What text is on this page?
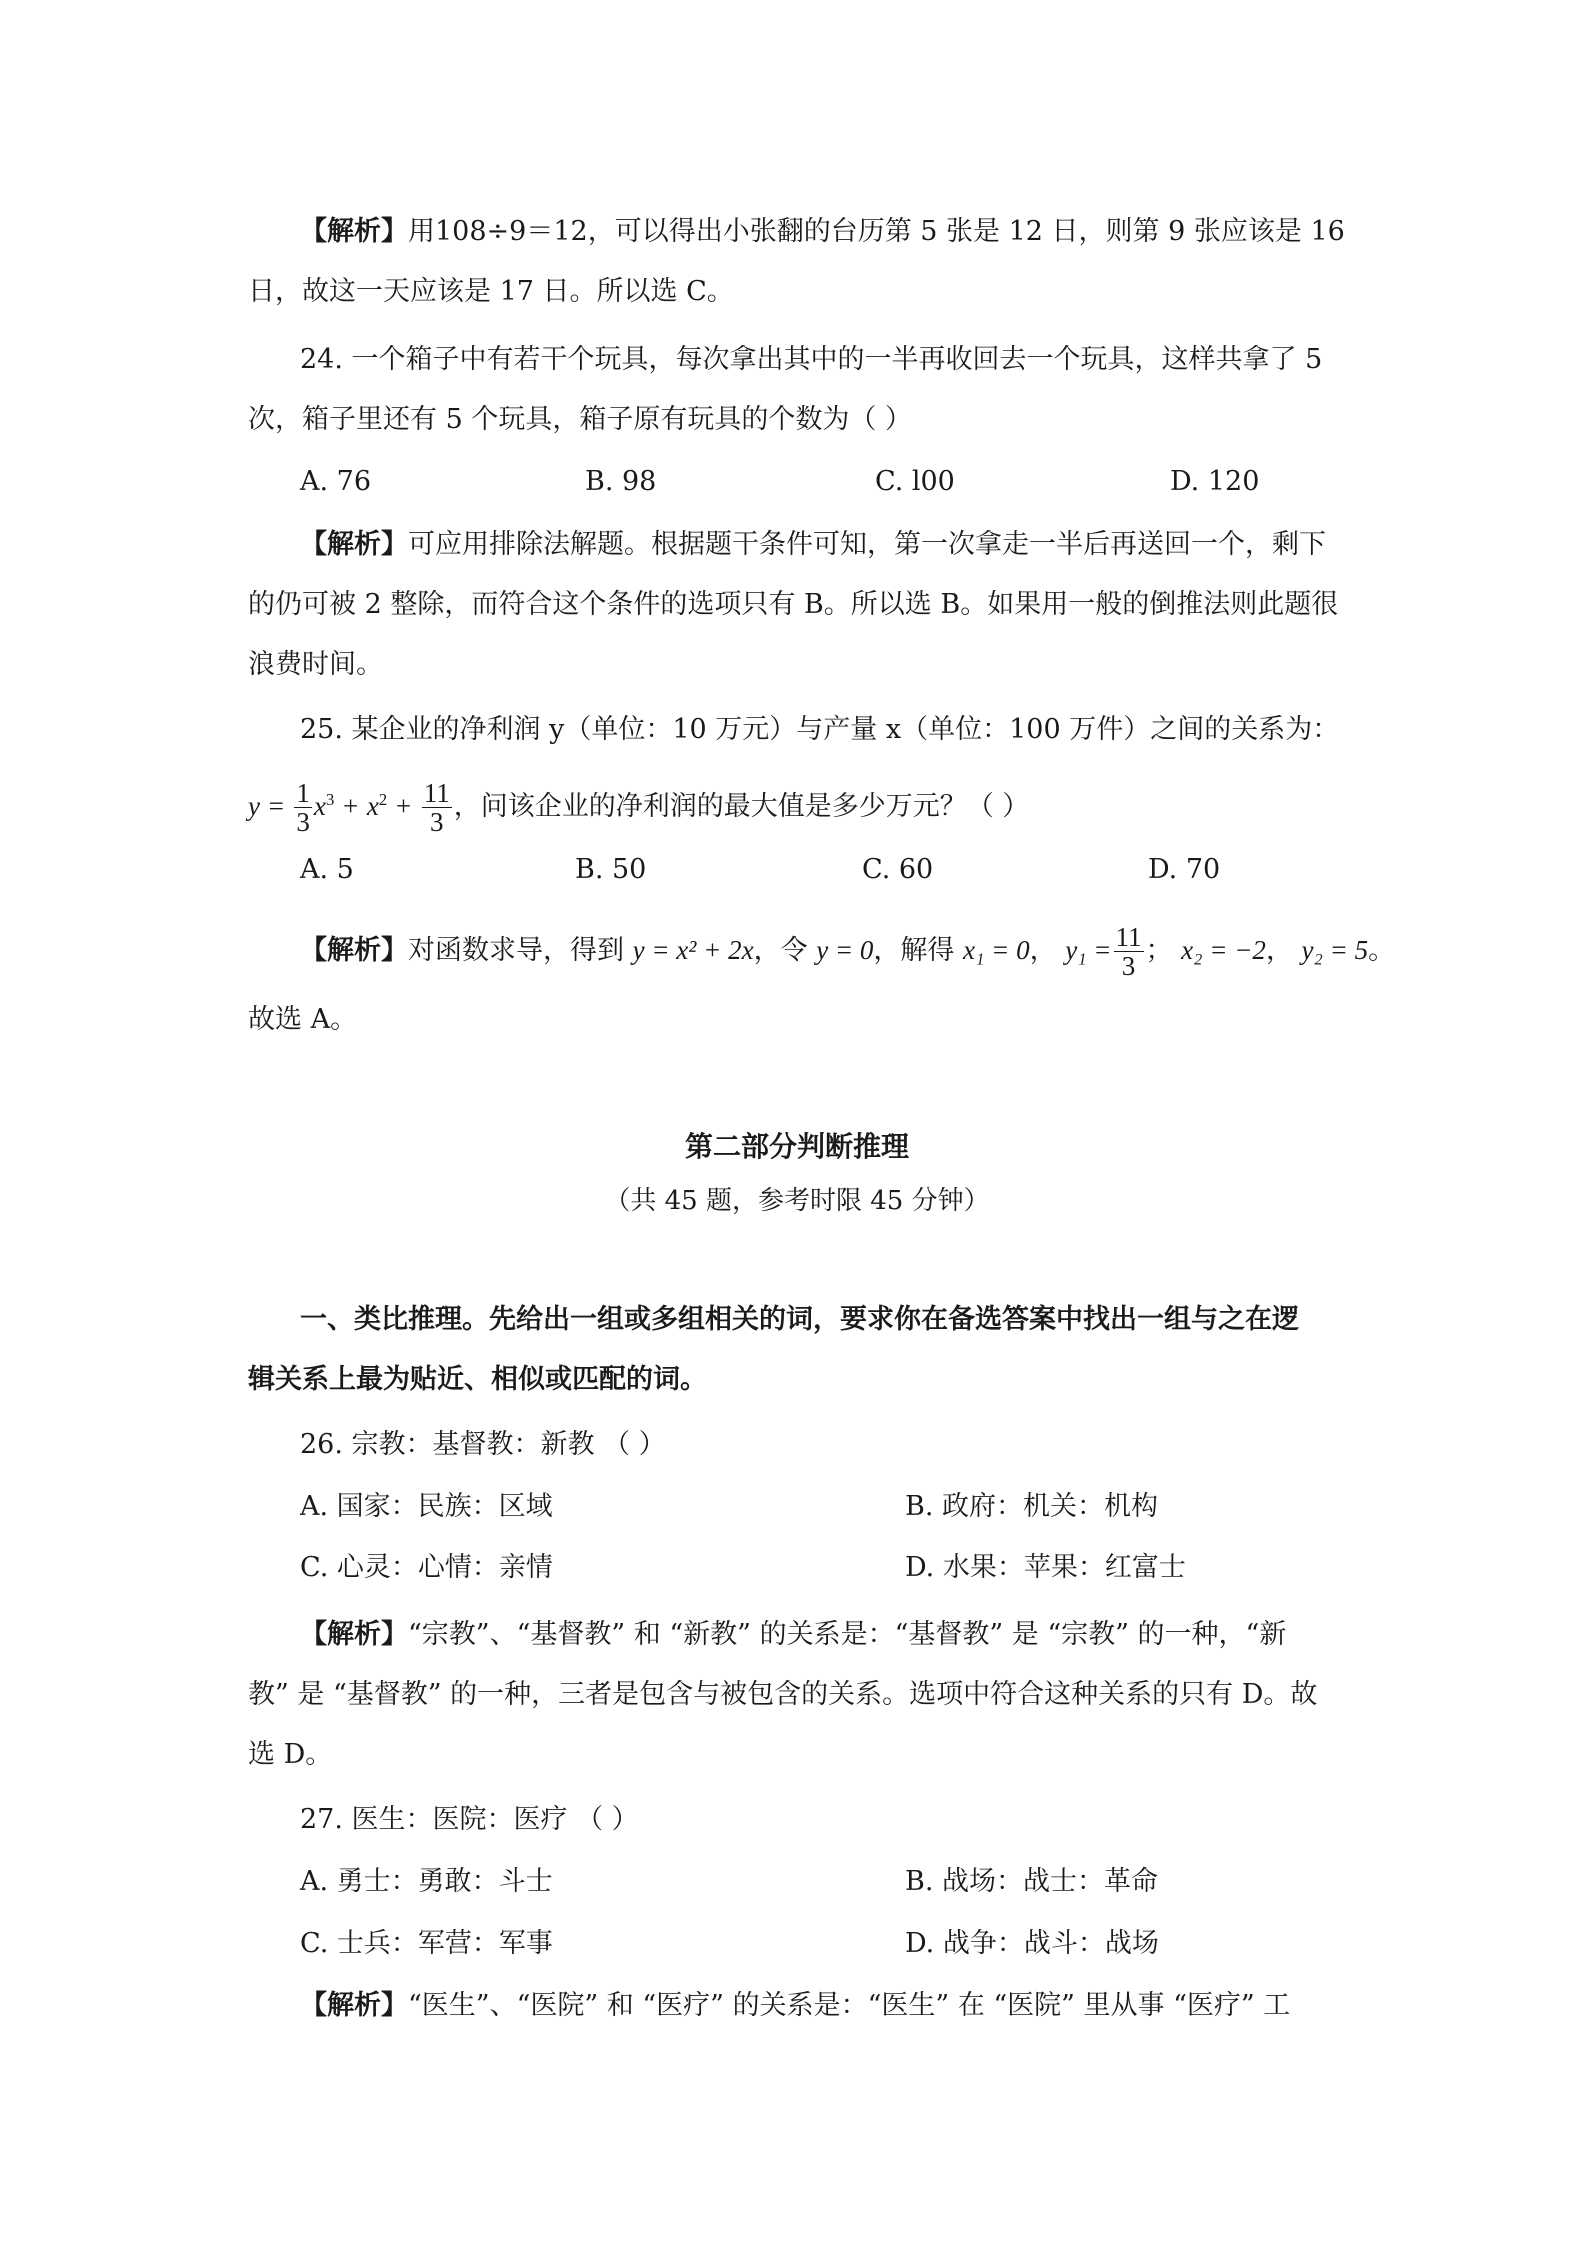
【解析】用108÷9＝12，可以得出小张翻的台历第 5 张是 12 日，则第 9 张应该是 16
日，故这一天应该是 17 日。所以选 C。
24. 一个箱子中有若干个玩具，每次拿出其中的一半再收回去一个玩具，这样共拿了 5
次，箱子里还有 5 个玩具，箱子原有玩具的个数为（ ）
A. 76	B. 98	C. l00	D. 120
【解析】可应用排除法解题。根据题干条件可知，第一次拿走一半后再送回一个，剩下
的仍可被 2 整除，而符合这个条件的选项只有 B。所以选 B。如果用一般的倒推法则此题很
浪费时间。
25. 某企业的净利润 y（单位：10 万元）与产量 x（单位：100 万件）之间的关系为：
$y = \frac{1}{3} x^3 + x^2 + \frac{11}{3}$ ，问该企业的净利润的最大值是多少万元？（ ）
A. 5	B. 50	C. 60	D. 70
【解析】对函数求导，得到 y = x² + 2x，令 y = 0，解得 x₁ = 0， $y_1 = \frac{11}{3}$ ； x₂ = −2， y₂ = 5。
故选 A。
第二部分判断推理
（共 45 题，参考时限 45 分钟）
一、类比推理。先给出一组或多组相关的词，要求你在备选答案中找出一组与之在逻
辑关系上最为贴近、相似或匹配的词。
26. 宗教：基督教：新教 （ ）
A. 国家：民族：区域	B. 政府：机关：机构
C. 心灵：心情：亲情	D. 水果：苹果：红富士
【解析】“宗教”、“基督教” 和 “新教” 的关系是：“基督教” 是 “宗教” 的一种，“新
教” 是 “基督教” 的一种，三者是包含与被包含的关系。选项中符合这种关系的只有 D。故
选 D。
27. 医生：医院：医疗 （ ）
A. 勇士：勇敢：斗士	B. 战场：战士：革命
C. 士兵：军营：军事	D. 战争：战斗：战场
【解析】“医生”、“医院” 和 “医疗” 的关系是：“医生” 在 “医院” 里从事 “医疗” 工
